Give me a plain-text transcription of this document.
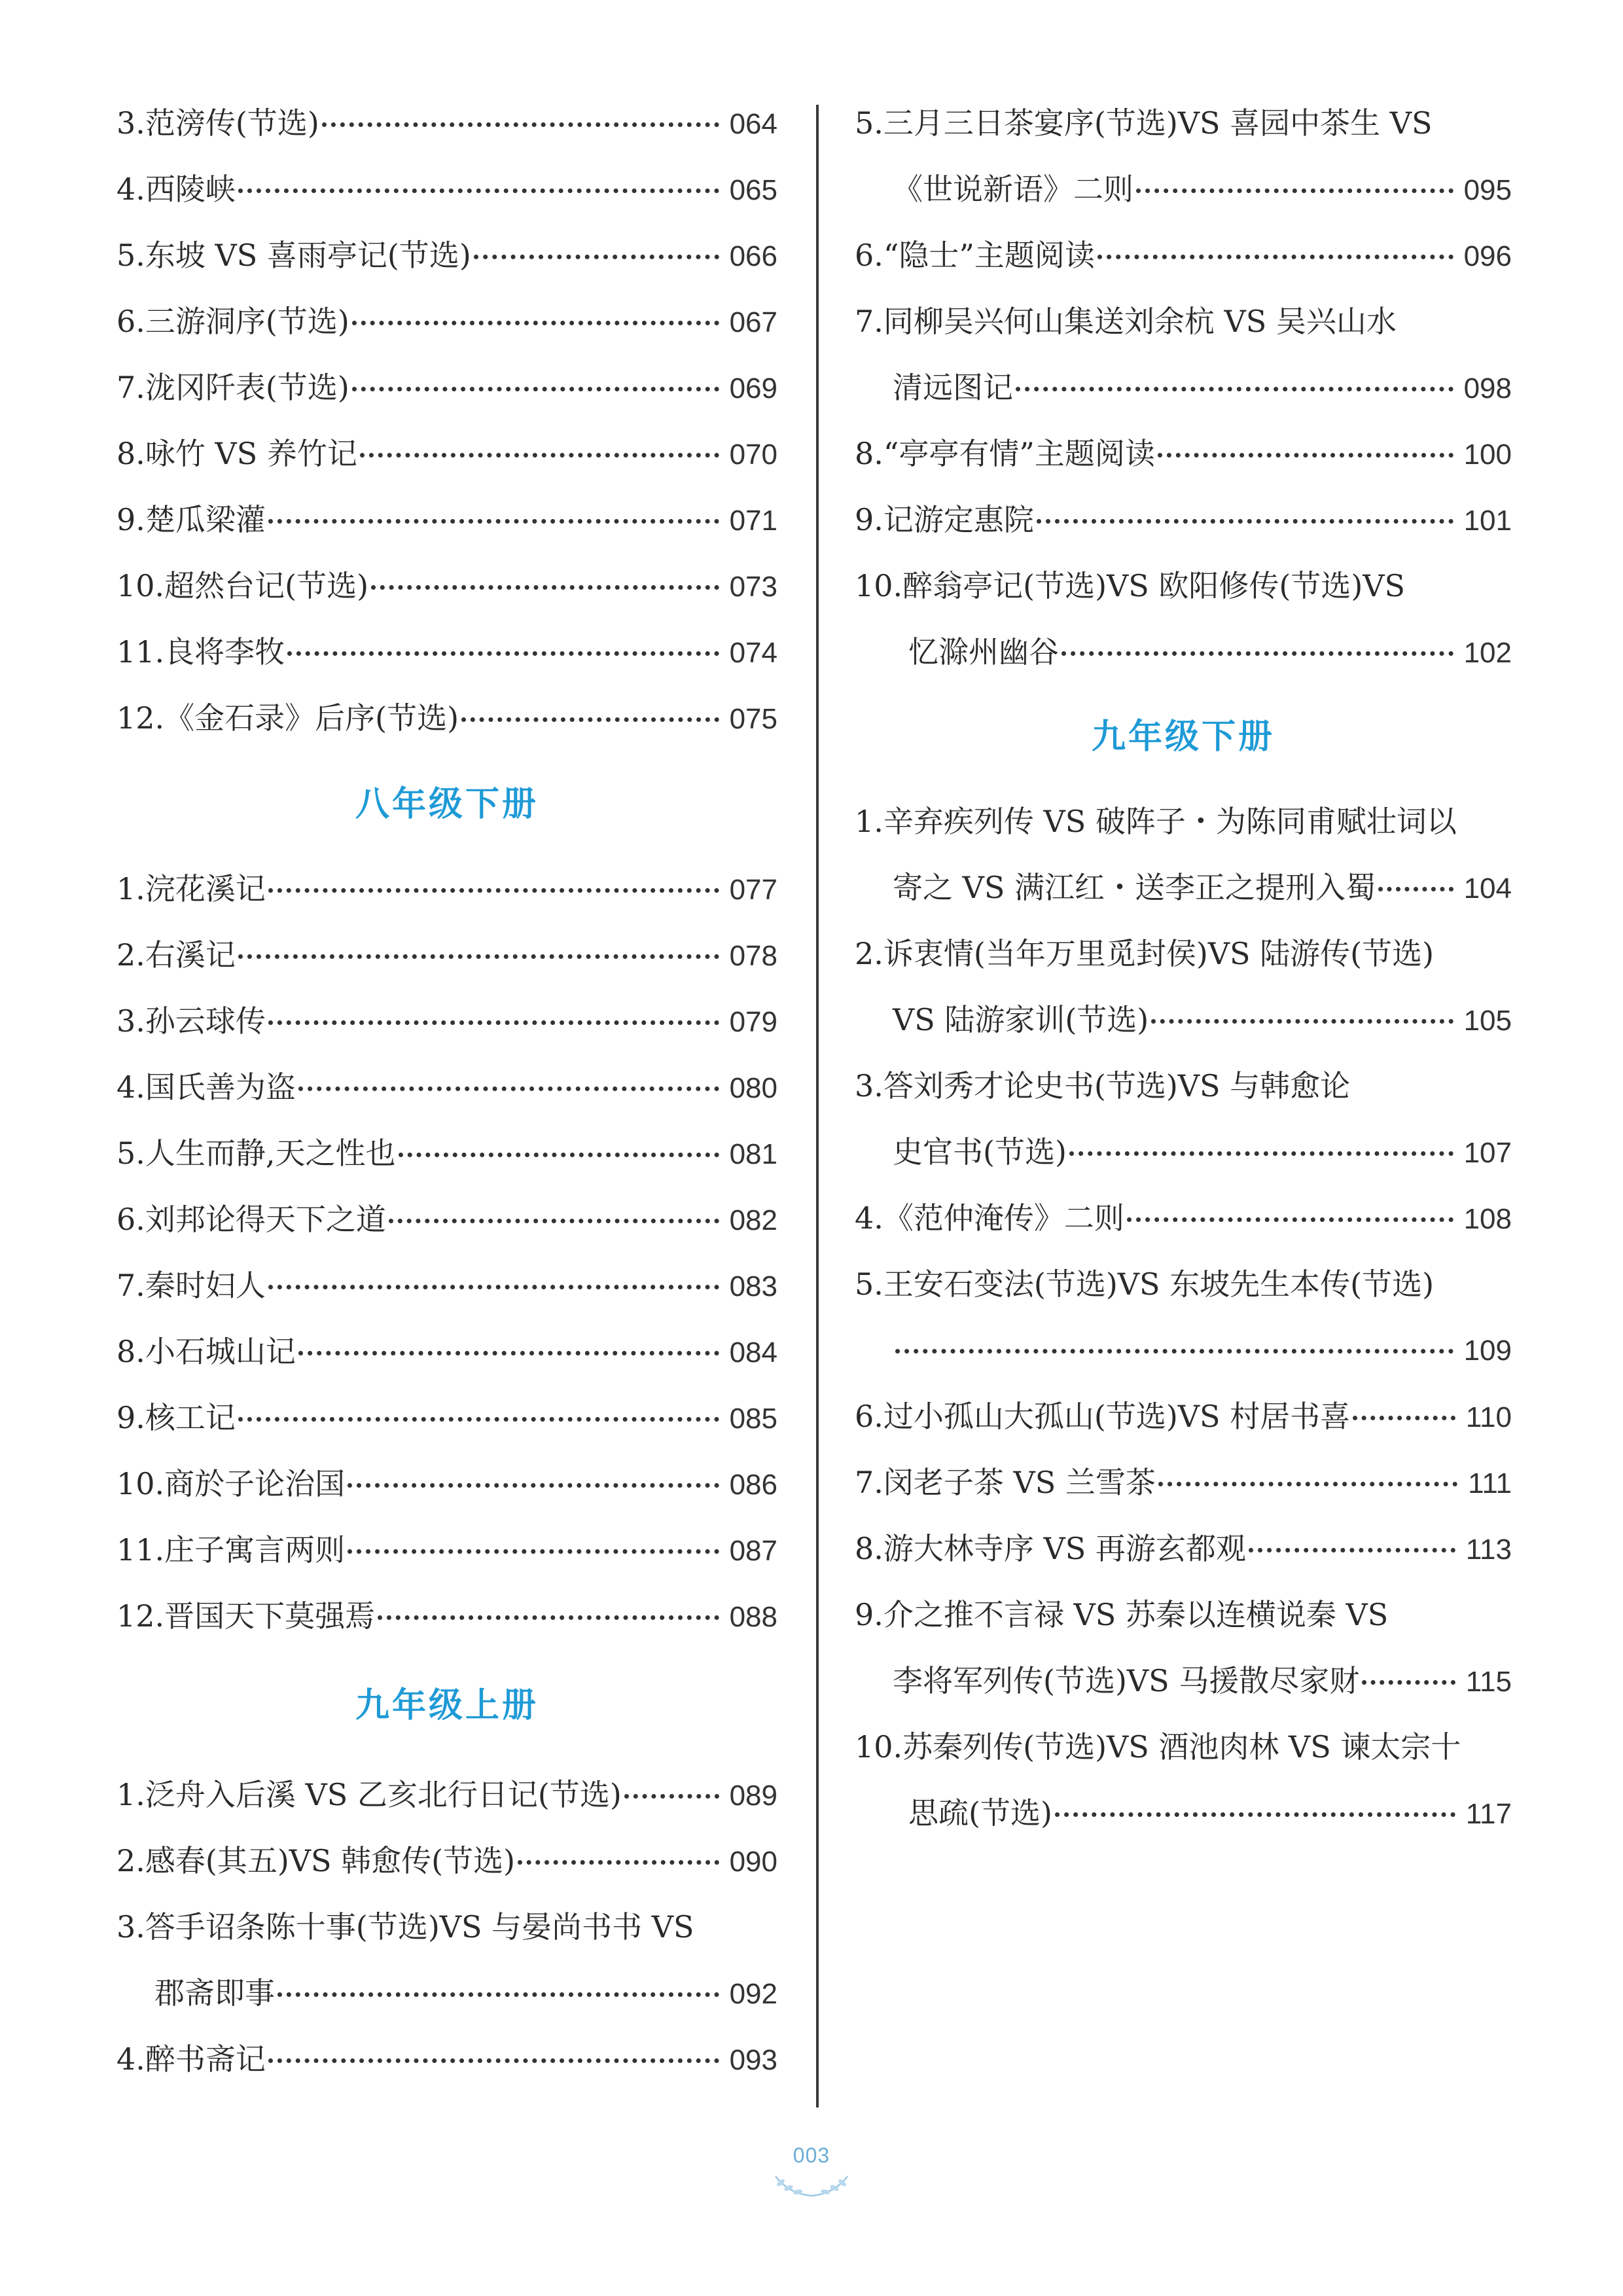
3. 范滂传(节选)	064
4. 西陵峡	065
5. 东坡 VS 喜雨亭记(节选)	066
6. 三游洞序(节选)	067
7. 泷冈阡表(节选)	069
8. 咏竹 VS 养竹记	070
9. 楚瓜梁灌	071
10. 超然台记(节选)	073
11. 良将李牧	074
12. 《金石录》后序(节选)	075
八年级下册
1. 浣花溪记	077
2. 右溪记	078
3. 孙云球传	079
4. 国氏善为盗	080
5. 人生而静,天之性也	081
6. 刘邦论得天下之道	082
7. 秦时妇人	083
8. 小石城山记	084
9. 核工记	085
10. 商於子论治国	086
11. 庄子寓言两则	087
12. 晋国天下莫强焉	088
九年级上册
1. 泛舟入后溪 VS 乙亥北行日记(节选)	089
2. 感春(其五)VS 韩愈传(节选)	090
3. 答手诏条陈十事(节选)VS 与晏尚书书 VS
郡斋即事	092
4. 醉书斋记	093
5. 三月三日茶宴序(节选)VS 喜园中茶生 VS
《世说新语》二则	095
6. “隐士”主题阅读	096
7. 同柳吴兴何山集送刘余杭 VS 吴兴山水
清远图记	098
8. “亭亭有情”主题阅读	100
9. 记游定惠院	101
10. 醉翁亭记(节选)VS 欧阳修传(节选)VS
忆滁州幽谷	102
九年级下册
1. 辛弃疾列传 VS 破阵子・为陈同甫赋壮词以
寄之 VS 满江红・送李正之提刑入蜀	104
2. 诉衷情(当年万里觅封侯)VS 陆游传(节选)
VS 陆游家训(节选)	105
3. 答刘秀才论史书(节选)VS 与韩愈论
史官书(节选)	107
4. 《范仲淹传》二则	108
5. 王安石变法(节选)VS 东坡先生本传(节选)
109
6. 过小孤山大孤山(节选)VS 村居书喜	110
7. 闵老子茶 VS 兰雪茶	111
8. 游大林寺序 VS 再游玄都观	113
9. 介之推不言禄 VS 苏秦以连横说秦 VS
李将军列传(节选)VS 马援散尽家财	115
10. 苏秦列传(节选)VS 酒池肉林 VS 谏太宗十
思疏(节选)	117
003
